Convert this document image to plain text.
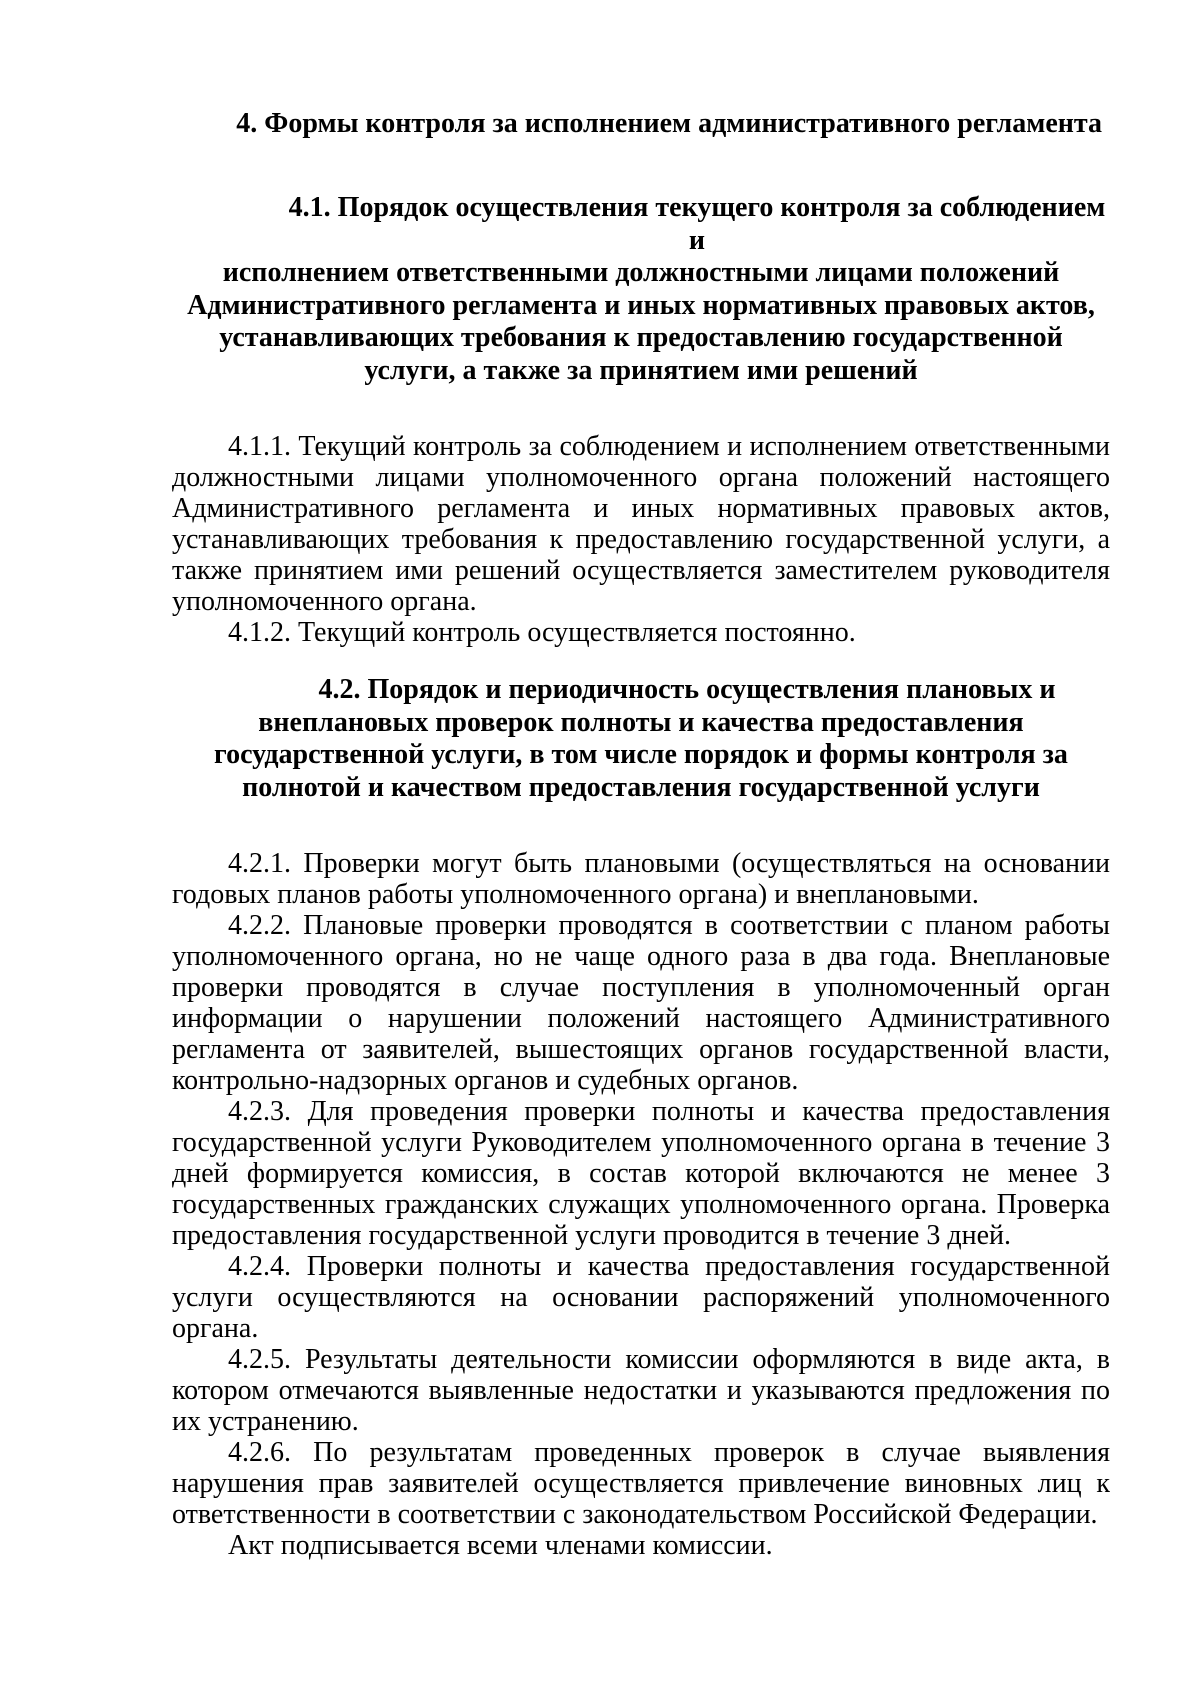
4. Формы контроля за исполнением административного регламента
4.1. Порядок осуществления текущего контроля за соблюдением и
исполнением ответственными должностными лицами положений
Административного регламента и иных нормативных правовых актов,
устанавливающих требования к предоставлению государственной
услуги, а также за принятием ими решений

4.1.1. Текущий контроль за соблюдением и исполнением ответственными должностными лицами уполномоченного органа положений настоящего Административного регламента и иных нормативных правовых актов, устанавливающих требования к предоставлению государственной услуги, а также принятием ими решений осуществляется заместителем руководителя уполномоченного органа.

4.1.2. Текущий контроль осуществляется постоянно.

4.2. Порядок и периодичность осуществления плановых и
внеплановых проверок полноты и качества предоставления
государственной услуги, в том числе порядок и формы контроля за
полнотой и качеством предоставления государственной услуги

4.2.1. Проверки могут быть плановыми (осуществляться на основании годовых планов работы уполномоченного органа) и внеплановыми.

4.2.2. Плановые проверки проводятся в соответствии с планом работы уполномоченного органа, но не чаще одного раза в два года. Внеплановые проверки проводятся в случае поступления в уполномоченный орган информации о нарушении положений настоящего Административного регламента от заявителей, вышестоящих органов государственной власти, контрольно-надзорных органов и судебных органов.

4.2.3. Для проведения проверки полноты и качества предоставления государственной услуги Руководителем уполномоченного органа в течение 3 дней формируется комиссия, в состав которой включаются не менее 3 государственных гражданских служащих уполномоченного органа. Проверка предоставления государственной услуги проводится в течение 3 дней.

4.2.4. Проверки полноты и качества предоставления государственной услуги осуществляются на основании распоряжений уполномоченного органа.

4.2.5. Результаты деятельности комиссии оформляются в виде акта, в котором отмечаются выявленные недостатки и указываются предложения по их устранению.

4.2.6. По результатам проведенных проверок в случае выявления нарушения прав заявителей осуществляется привлечение виновных лиц к ответственности в соответствии с законодательством Российской Федерации.

Акт подписывается всеми членами комиссии.
